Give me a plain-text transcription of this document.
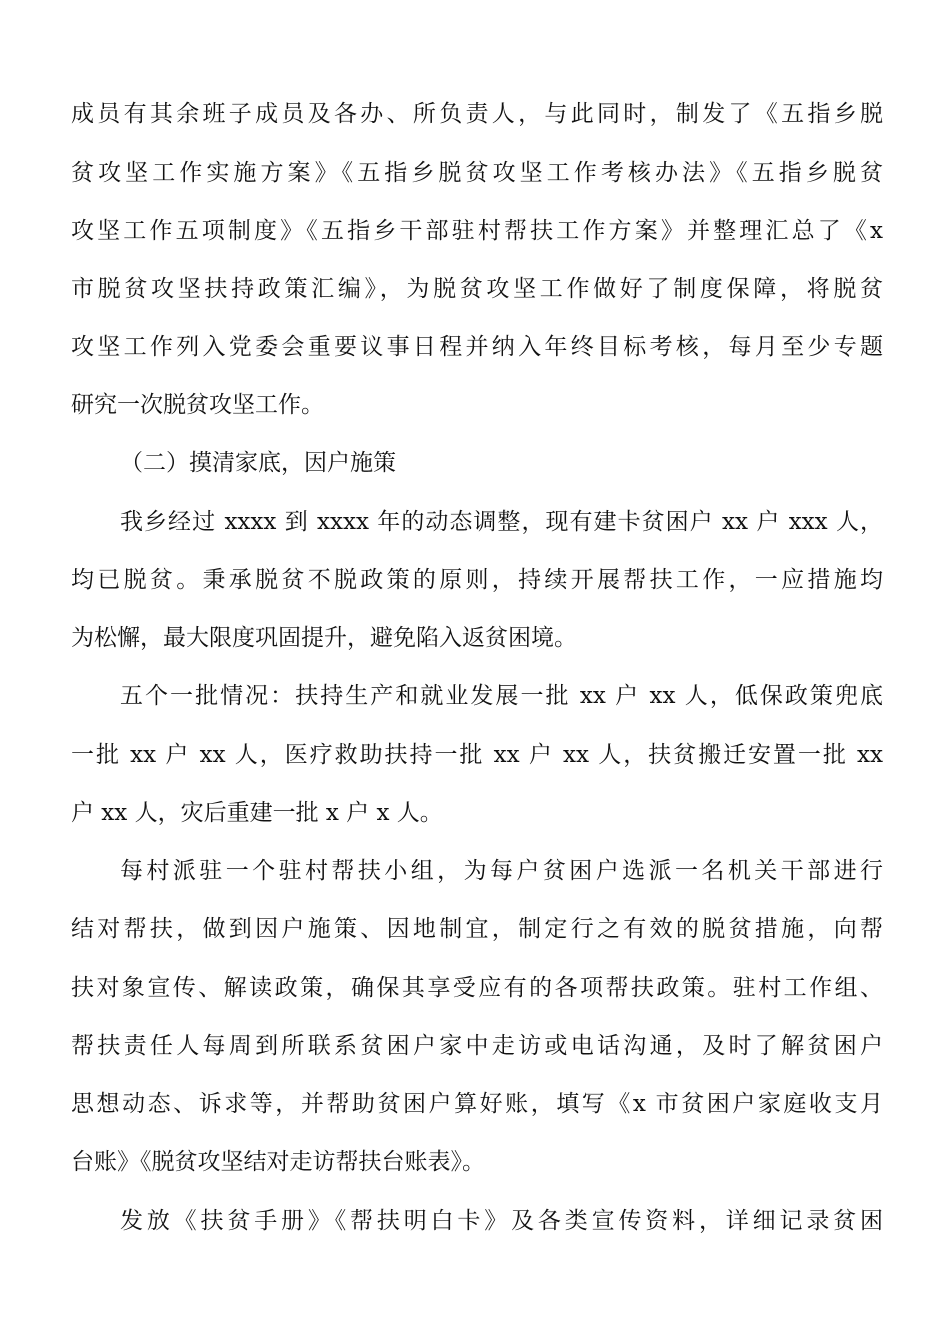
成员有其余班子成员及各办、所负责人，与此同时，制发了《五指乡脱
贫攻坚工作实施方案》《五指乡脱贫攻坚工作考核办法》《五指乡脱贫
攻坚工作五项制度》《五指乡干部驻村帮扶工作方案》并整理汇总了《x
市脱贫攻坚扶持政策汇编》，为脱贫攻坚工作做好了制度保障，将脱贫
攻坚工作列入党委会重要议事日程并纳入年终目标考核，每月至少专题
研究一次脱贫攻坚工作。
（二）摸清家底，因户施策
我乡经过 xxxx 到 xxxx 年的动态调整，现有建卡贫困户 xx 户 xxx 人，
均已脱贫。秉承脱贫不脱政策的原则，持续开展帮扶工作，一应措施均
为松懈，最大限度巩固提升，避免陷入返贫困境。
五个一批情况：扶持生产和就业发展一批 xx 户 xx 人，低保政策兜底
一批 xx 户 xx 人，医疗救助扶持一批 xx 户 xx 人，扶贫搬迁安置一批 xx
户 xx 人，灾后重建一批 x 户 x 人。
每村派驻一个驻村帮扶小组，为每户贫困户选派一名机关干部进行
结对帮扶，做到因户施策、因地制宜，制定行之有效的脱贫措施，向帮
扶对象宣传、解读政策，确保其享受应有的各项帮扶政策。驻村工作组、
帮扶责任人每周到所联系贫困户家中走访或电话沟通，及时了解贫困户
思想动态、诉求等，并帮助贫困户算好账，填写《x 市贫困户家庭收支月
台账》《脱贫攻坚结对走访帮扶台账表》。
发放《扶贫手册》《帮扶明白卡》及各类宣传资料，详细记录贫困
